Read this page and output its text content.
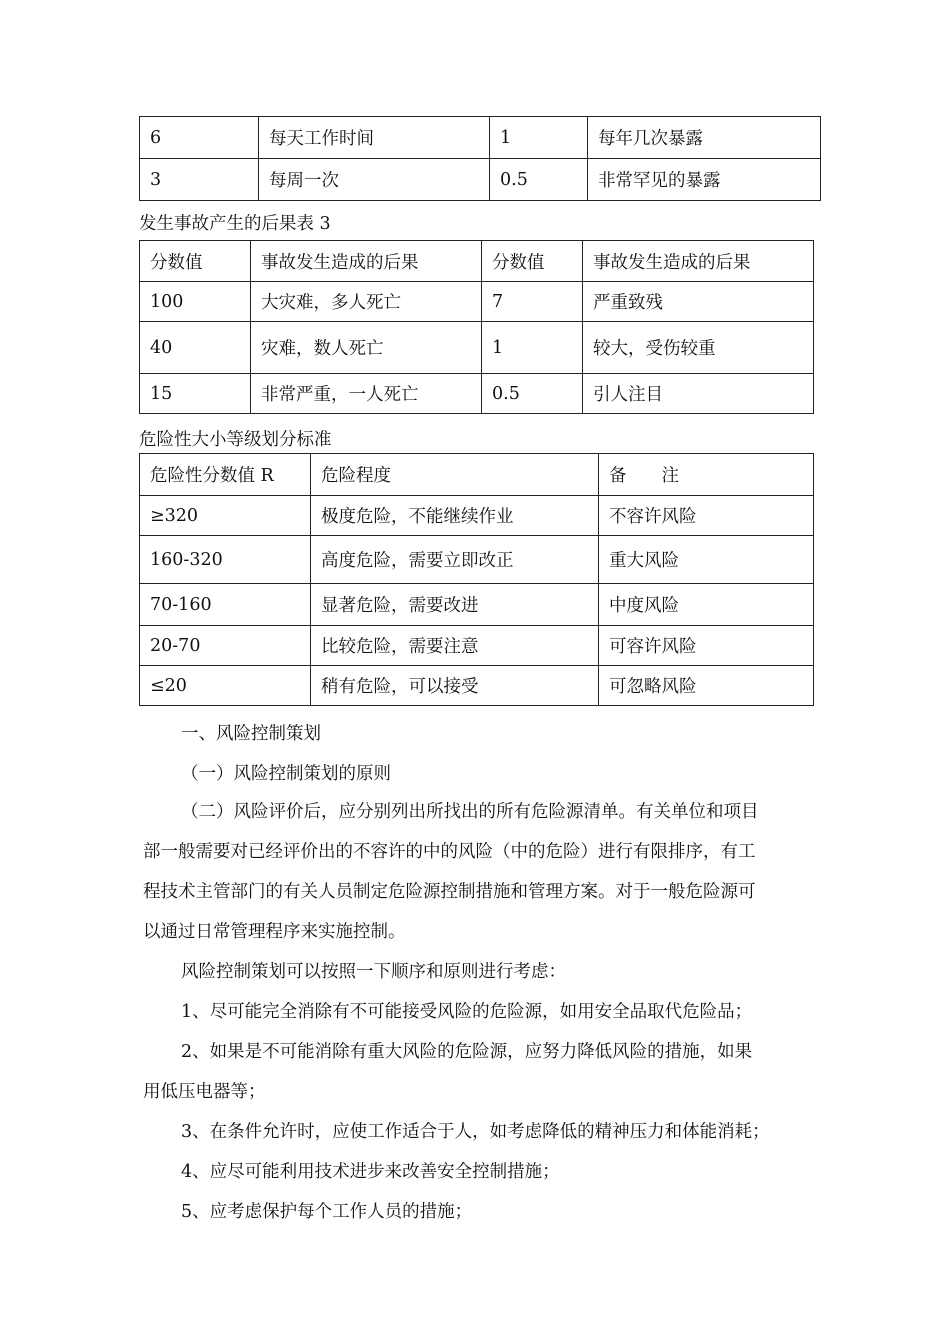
6	每天工作时间	1	每年几次暴露
3	每周一次	0.5	非常罕见的暴露
发生事故产生的后果表 3
分数值	事故发生造成的后果	分数值	事故发生造成的后果
100	大灾难，多人死亡	7	严重致残
40	灾难，数人死亡	1	较大，受伤较重
15	非常严重，一人死亡	0.5	引人注目
危险性大小等级划分标准
危险性分数值 R	危险程度	备　　注
≥320	极度危险，不能继续作业	不容许风险
160-320	高度危险，需要立即改正	重大风险
70-160	显著危险，需要改进	中度风险
20-70	比较危险，需要注意	可容许风险
≤20	稍有危险，可以接受	可忽略风险
一、风险控制策划
（一）风险控制策划的原则
（二）风险评价后，应分别列出所找出的所有危险源清单。有关单位和项目
部一般需要对已经评价出的不容许的中的风险（中的危险）进行有限排序，有工
程技术主管部门的有关人员制定危险源控制措施和管理方案。对于一般危险源可
以通过日常管理程序来实施控制。
风险控制策划可以按照一下顺序和原则进行考虑：
1、尽可能完全消除有不可能接受风险的危险源，如用安全品取代危险品；
2、如果是不可能消除有重大风险的危险源，应努力降低风险的措施，如果
用低压电器等；
3、在条件允许时，应使工作适合于人，如考虑降低的精神压力和体能消耗；
4、应尽可能利用技术进步来改善安全控制措施；
5、应考虑保护每个工作人员的措施；
